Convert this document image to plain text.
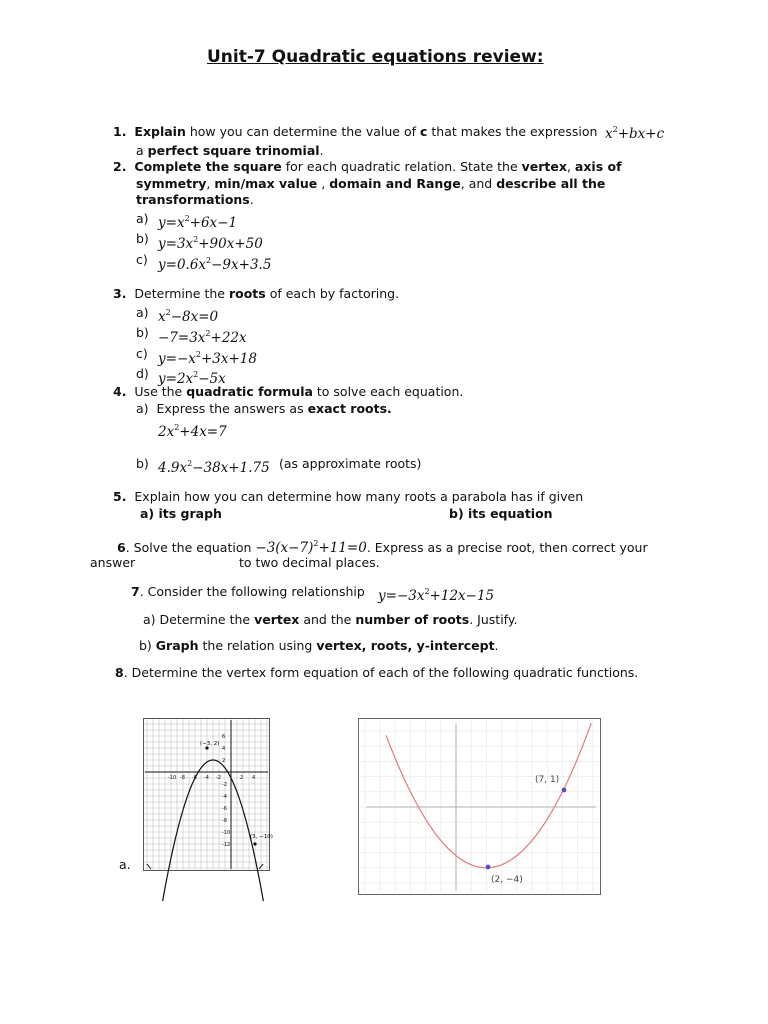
Unit-7 Quadratic equations review:
1. Explain how you can determine the value of c that makes the expression $x^2+bx+c$
a perfect square trinomial.
2. Complete the square for each quadratic relation. State the vertex, axis of
symmetry, min/max value , domain and Range, and describe all the
transformations.
a) $y=x^2+6x-1$
b) $y=3x^2+90x+50$
c) $y=0.6x^2-9x+3.5$
3. Determine the roots of each by factoring.
a) $x^2-8x=0$
$b) -7=3x^2+22x$
c) $y=-x^2+3x+18$
d) $y=2x^2-5x$
4. Use the quadratic formula to solve each equation.
a) Express the answers as exact roots.
$2x^2+4x=7$
b) $4.9x^2-38x+1.75$ (as approximate roots)
5. Explain how you can determine how many roots a parabola has if given
a) its graph	b) its equation
6. Solve the equation $-3(x-7)^2+11=0$. Express as a precise root, then correct your
answer	to two decimal places.
7. Consider the following relationship $y=-3x^2+12x-15$
a) Determine the vertex and the number of roots. Justify.
b) Graph the relation using vertex, roots, y-intercept.
8. Determine the vertex form equation of each of the following quadratic functions.
a.
-10 -8 -6 -4 -2	2 4
6
4
2
-2
-4
-6
-8
-10
-12
(−3, 2)
(3, −10)
(2, −4)
(7, 1)
